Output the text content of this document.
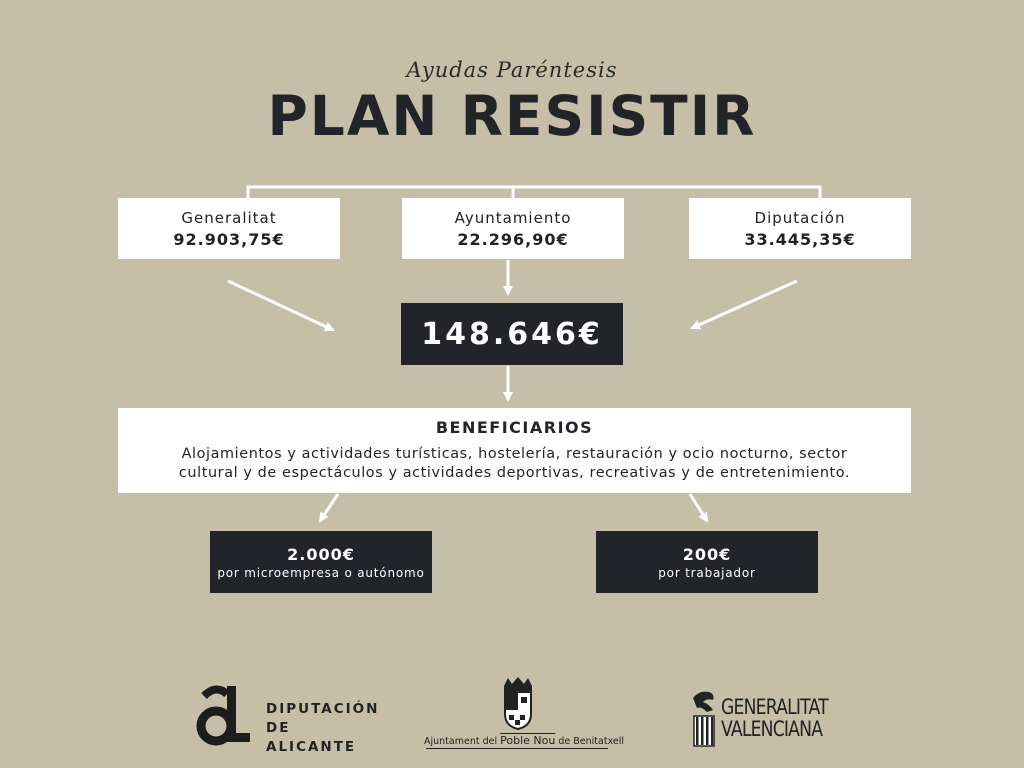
Ayudas Paréntesis
PLAN RESISTIR
Generalitat
92.903,75€
Ayuntamiento
22.296,90€
Diputación
33.445,35€
148.646€
BENEFICIARIOS
Alojamientos y actividades turísticas, hostelería, restauración y ocio nocturno, sector
cultural y de espectáculos y actividades deportivas, recreativas y de entretenimiento.
2.000€
por microempresa o autónomo
200€
por trabajador
DIPUTACIÓN
DE ALICANTE	Ajuntament del Poble Nou de Benitatxell
GENERALITAT
VALENCIANA
